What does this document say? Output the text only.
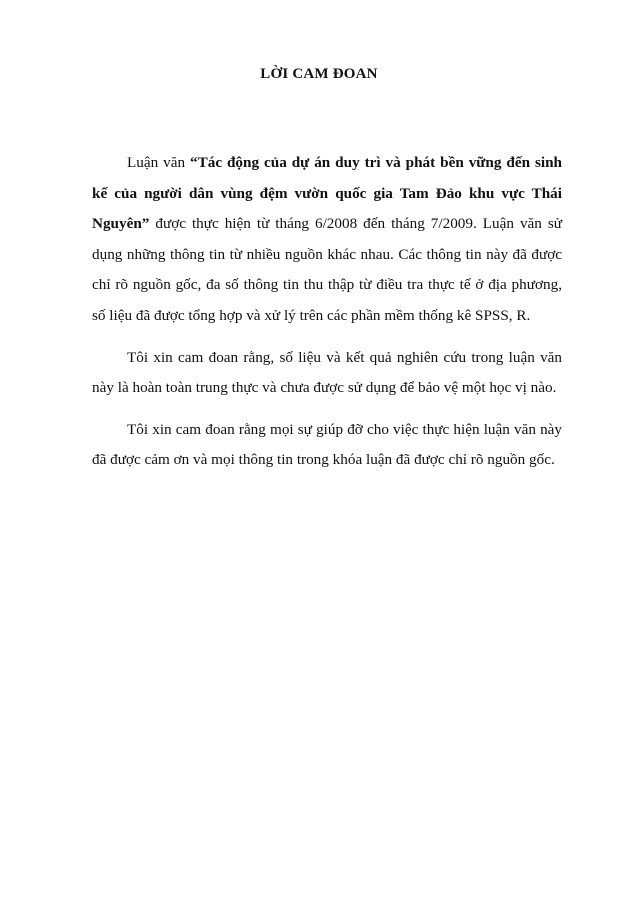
LỜI CAM ĐOAN

Luận văn “Tác động của dự án duy trì và phát bền vững đến sinh kế của người dân vùng đệm vườn quốc gia Tam Đảo khu vực Thái Nguyên” được thực hiện từ tháng 6/2008 đến tháng 7/2009. Luận văn sử dụng những thông tin từ nhiều nguồn khác nhau. Các thông tin này đã được chỉ rõ nguồn gốc, đa số thông tin thu thập từ điều tra thực tế ở địa phương, số liệu đã được tổng hợp và xử lý trên các phần mềm thống kê SPSS, R.

Tôi xin cam đoan rằng, số liệu và kết quả nghiên cứu trong luận văn này là hoàn toàn trung thực và chưa được sử dụng để bảo vệ một học vị nào.

Tôi xin cam đoan rằng mọi sự giúp đỡ cho việc thực hiện luận văn này đã được cảm ơn và mọi thông tin trong khóa luận đã được chỉ rõ nguồn gốc.
